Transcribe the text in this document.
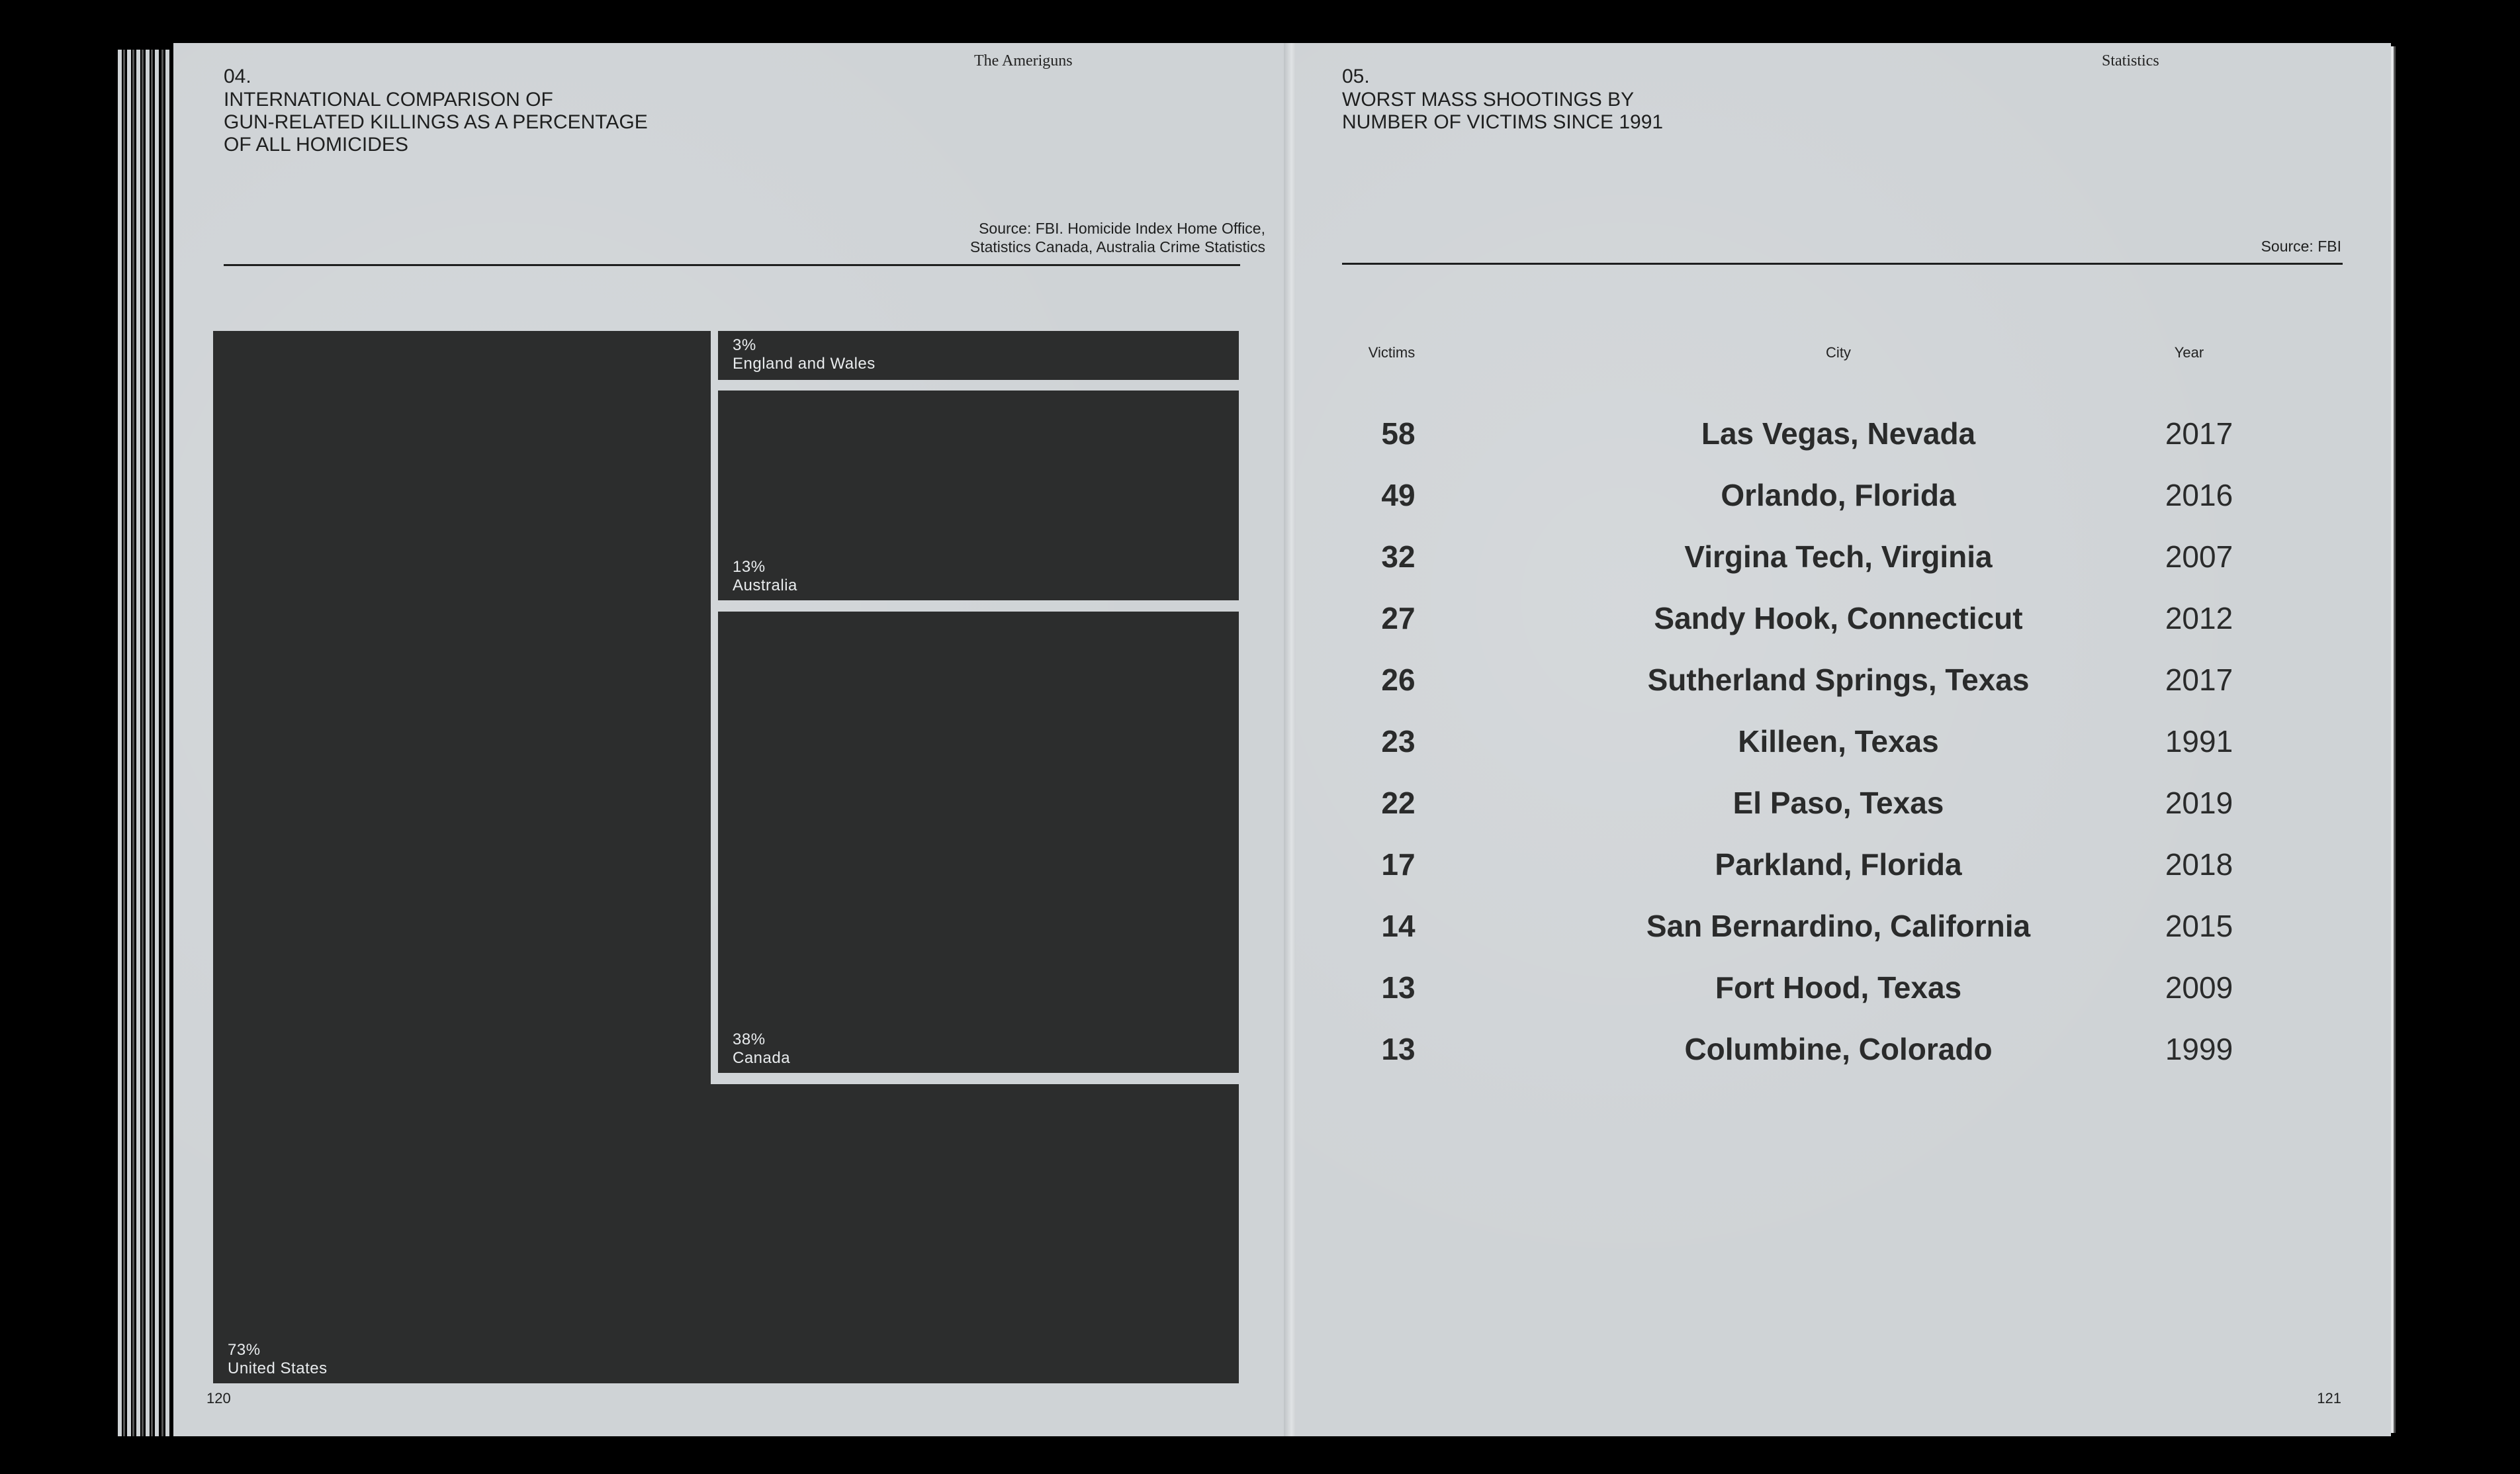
The Ameriguns
04.
INTERNATIONAL COMPARISON OF
GUN-RELATED KILLINGS AS A PERCENTAGE
OF ALL HOMICIDES
Source: FBI. Homicide Index Home Office,
Statistics Canada, Australia Crime Statistics
73%
United States
38%
Canada
13%
Australia
3%
England and Wales
120
Statistics
05.
WORST MASS SHOOTINGS BY
NUMBER OF VICTIMS SINCE 1991
Source: FBI
Victims	City	Year
58	Las Vegas, Nevada	2017
49	Orlando, Florida	2016
32	Virgina Tech, Virginia	2007
27	Sandy Hook, Connecticut	2012
26	Sutherland Springs, Texas	2017
23	Killeen, Texas	1991
22	El Paso, Texas	2019
17	Parkland, Florida	2018
14	San Bernardino, California	2015
13	Fort Hood, Texas	2009
13	Columbine, Colorado	1999
121
